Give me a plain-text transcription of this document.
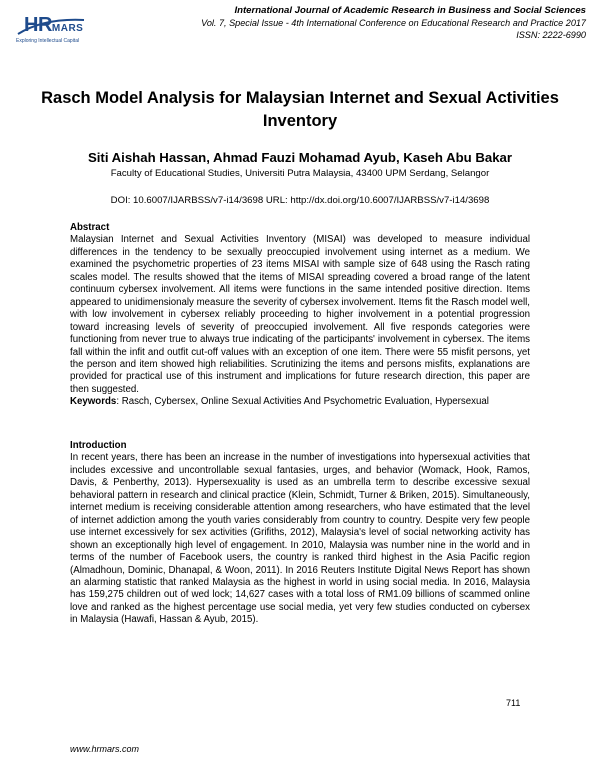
HRMARS
Exploring Intellectual Capital
International Journal of Academic Research in Business and Social Sciences
Vol. 7, Special Issue - 4th International Conference on Educational Research and Practice 2017
ISSN: 2222-6990
Rasch Model Analysis for Malaysian Internet and Sexual Activities Inventory
Siti Aishah Hassan, Ahmad Fauzi Mohamad Ayub, Kaseh Abu Bakar
Faculty of Educational Studies, Universiti Putra Malaysia, 43400 UPM Serdang, Selangor
DOI: 10.6007/IJARBSS/v7-i14/3698 URL: http://dx.doi.org/10.6007/IJARBSS/v7-i14/3698
Abstract

Malaysian Internet and Sexual Activities Inventory (MISAI) was developed to measure individual differences in the tendency to be sexually preoccupied involvement using internet as a medium. We examined the psychometric properties of 23 items MISAI with sample size of 648 using the Rasch rating scales model. The results showed that the items of MISAI spreading covered a broad range of the latent continuum cybersex involvement. All items were functions in the same intended positive direction. Items appeared to unidimensionaly measure the severity of cybersex involvement. Items fit the Rasch model well, with low involvement in cybersex reliably proceeding to higher involvement in a potential progression toward increasing levels of severity of preoccupied involvement. All five responds categories were functioning from never true to always true indicating of the participants' involvement in cybersex. The items fall within the infit and outfit cut-off values with an exception of one item. There were 55 misfit persons, yet the person and item showed high reliabilities. Scrutinizing the items and persons misfits, explanations are provided for practical use of this instrument and implications for future research direction, this paper are then suggested.

Keywords: Rasch, Cybersex, Online Sexual Activities And Psychometric Evaluation, Hypersexual

Introduction

In recent years, there has been an increase in the number of investigations into hypersexual activities that includes excessive and uncontrollable sexual fantasies, urges, and behavior (Womack, Hook, Ramos, Davis, & Penberthy, 2013). Hypersexuality is used as an umbrella term to describe excessive sexual behavioral pattern in research and clinical practice (Klein, Schmidt, Turner & Briken, 2015). Simultaneously, internet medium is receiving considerable attention among researchers, who have estimated that the level of internet addiction among the youth varies considerably from country to country. Despite very few people use internet excessively for sex activities (Grifiths, 2012), Malaysia's level of social networking activity has shown an exceptionally high level of engagement. In 2010, Malaysia was number nine in the world and in terms of the number of Facebook users, the country is ranked third highest in the Asia Pacific region (Almadhoun, Dominic, Dhanapal, & Woon, 2011). In 2016 Reuters Institute Digital News Report has shown an alarming statistic that ranked Malaysia as the highest in world in using social media. In 2016, Malaysia has 159,275 children out of wed lock; 14,627 cases with a total loss of RM1.09 billions of scammed online love and ranked as the highest percentage use social media, yet very few studies conducted on cybersex in Malaysia (Hawafi, Hassan & Ayub, 2015).

711
www.hrmars.com
